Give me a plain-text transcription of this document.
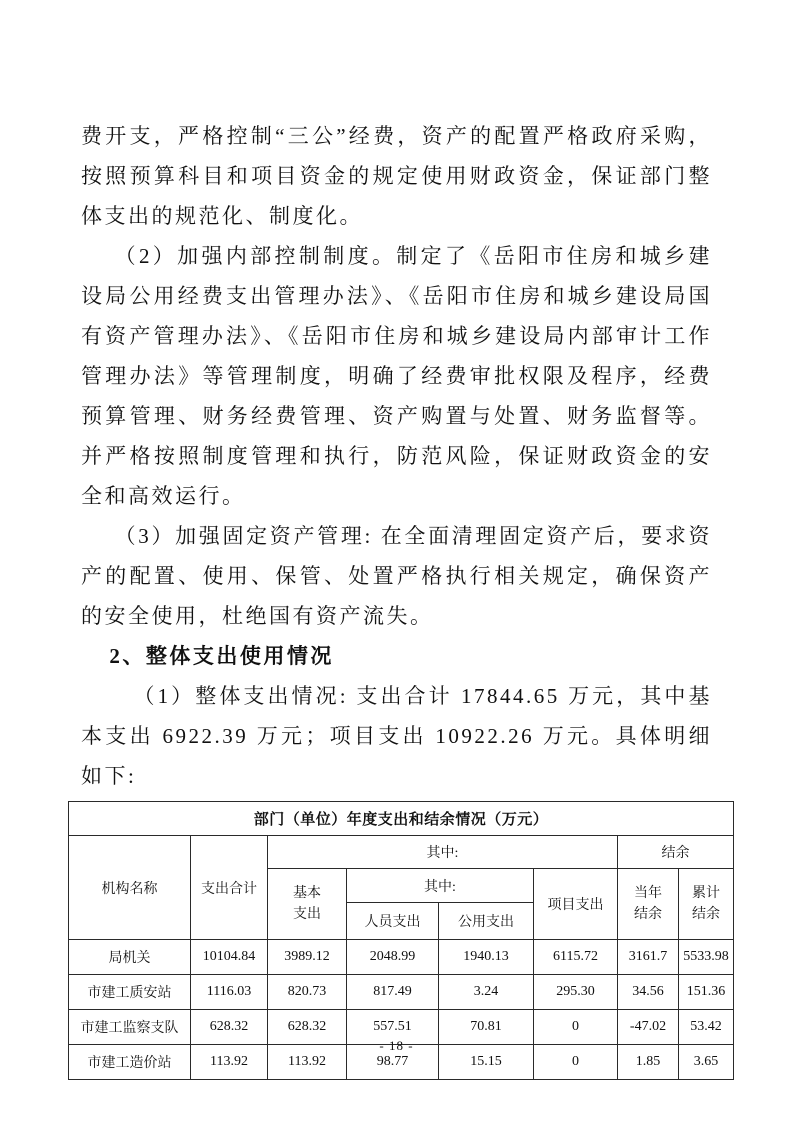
费开支，严格控制“三公”经费，资产的配置严格政府采购，按照预算科目和项目资金的规定使用财政资金，保证部门整体支出的规范化、制度化。

（2）加强内部控制制度。制定了《岳阳市住房和城乡建设局公用经费支出管理办法》、《岳阳市住房和城乡建设局国有资产管理办法》、《岳阳市住房和城乡建设局内部审计工作管理办法》等管理制度，明确了经费审批权限及程序，经费预算管理、财务经费管理、资产购置与处置、财务监督等。并严格按照制度管理和执行，防范风险，保证财政资金的安全和高效运行。

（3）加强固定资产管理: 在全面清理固定资产后，要求资产的配置、使用、保管、处置严格执行相关规定，确保资产的安全使用，杜绝国有资产流失。

2、整体支出使用情况

（1）整体支出情况: 支出合计 17844.65 万元，其中基本支出 6922.39 万元；项目支出 10922.26 万元。具体明细如下:

部门（单位）年度支出和结余情况（万元）							
机构名称	支出合计	其中:				结余	
		基本支出	其中:		项目支出	当年结余	累计结余
			人员支出	公用支出			
局机关	10104.84	3989.12	2048.99	1940.13	6115.72	3161.7	5533.98
市建工质安站	1116.03	820.73	817.49	3.24	295.30	34.56	151.36
市建工监察支队	628.32	628.32	557.51	70.81	0	-47.02	53.42
市建工造价站	113.92	113.92	98.77	15.15	0	1.85	3.65
- 18 -
